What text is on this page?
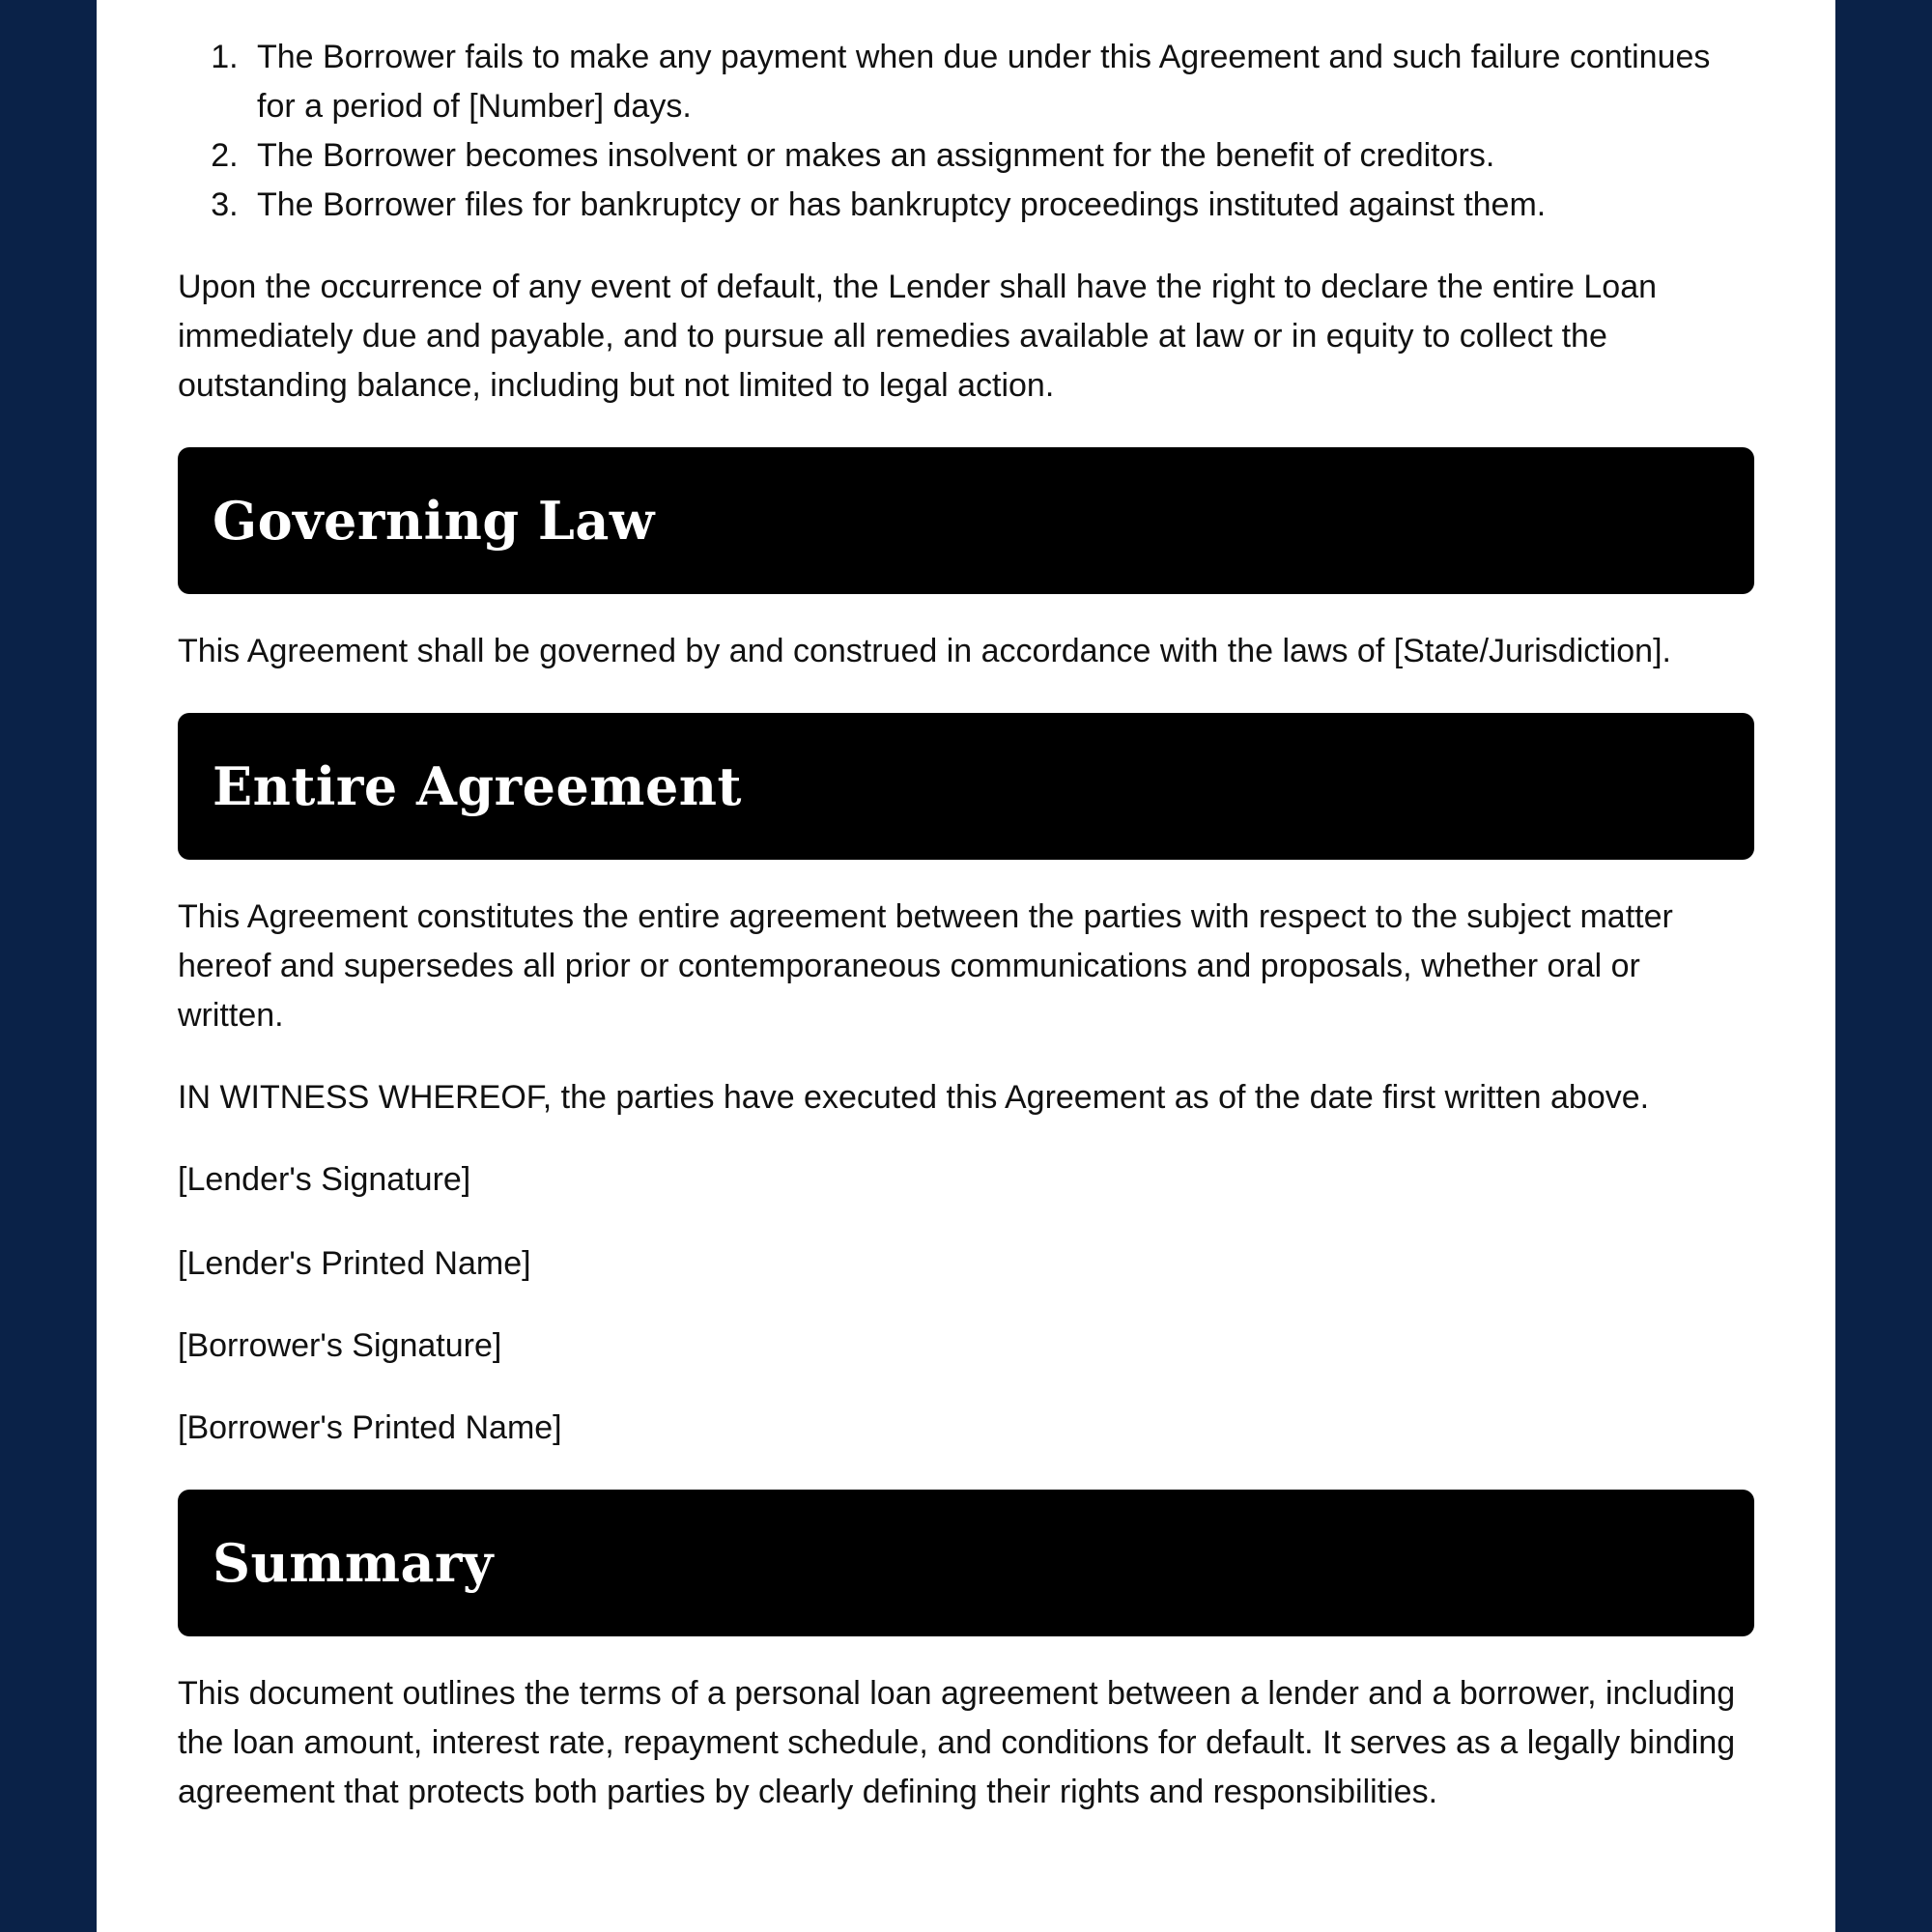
1. The Borrower fails to make any payment when due under this Agreement and such failure continues for a period of [Number] days.
2. The Borrower becomes insolvent or makes an assignment for the benefit of creditors.
3. The Borrower files for bankruptcy or has bankruptcy proceedings instituted against them.

Upon the occurrence of any event of default, the Lender shall have the right to declare the entire Loan immediately due and payable, and to pursue all remedies available at law or in equity to collect the outstanding balance, including but not limited to legal action.

Governing Law

This Agreement shall be governed by and construed in accordance with the laws of [State/Jurisdiction].

Entire Agreement

This Agreement constitutes the entire agreement between the parties with respect to the subject matter hereof and supersedes all prior or contemporaneous communications and proposals, whether oral or written.

IN WITNESS WHEREOF, the parties have executed this Agreement as of the date first written above.

[Lender's Signature]

[Lender's Printed Name]

[Borrower's Signature]

[Borrower's Printed Name]

Summary

This document outlines the terms of a personal loan agreement between a lender and a borrower, including the loan amount, interest rate, repayment schedule, and conditions for default. It serves as a legally binding agreement that protects both parties by clearly defining their rights and responsibilities.
